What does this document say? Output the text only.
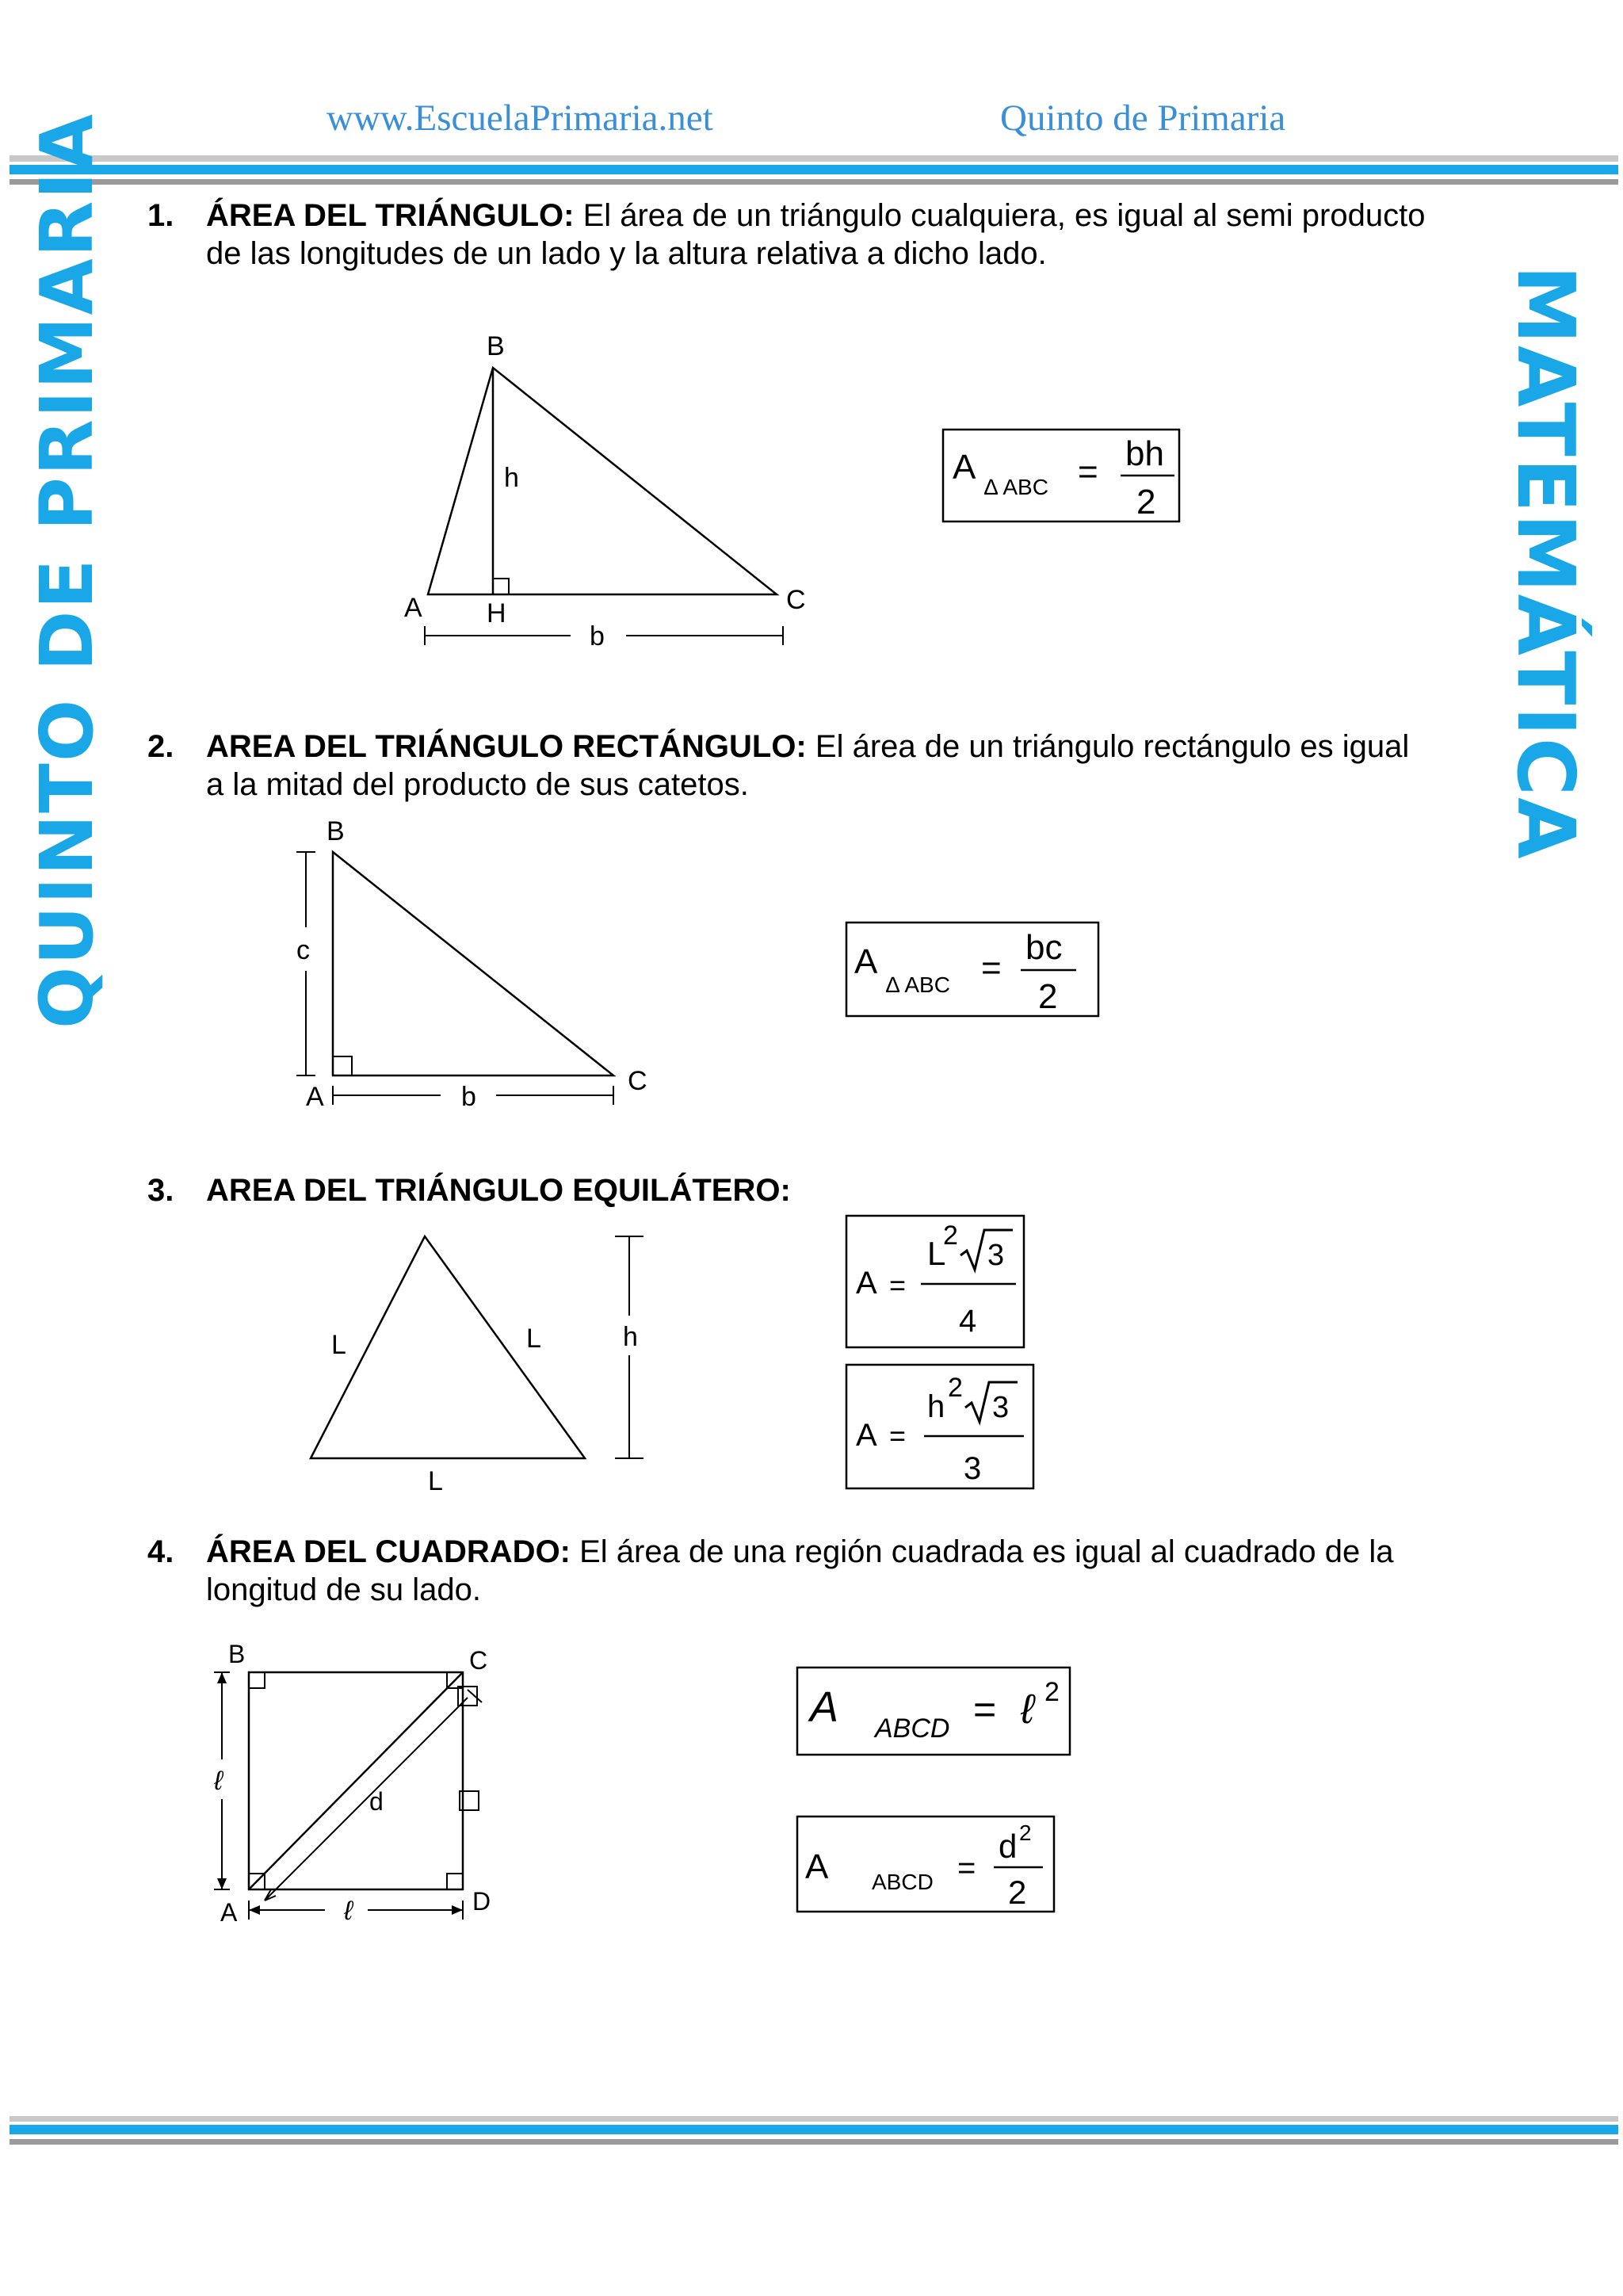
www.EscuelaPrimaria.net	Quinto de Primaria
QUINTO DE PRIMARIA	MATEMÁTICA
1. ÁREA DEL TRIÁNGULO: El área de un triángulo cualquiera, es igual al semi producto
de las longitudes de un lado y la altura relativa a dicho lado.
B
h
A H	C
b
A
∆ ABC = bh
2
2. AREA DEL TRIÁNGULO RECTÁNGULO: El área de un triángulo rectángulo es igual
a la mitad del producto de sus catetos.
B
c
A	b
C
A
∆ ABC =
bc
2
3. AREA DEL TRIÁNGULO EQUILÁTERO:
L	L
L
h
A =
L
2
3
4
A =
h
2
3
3
4. ÁREA DEL CUADRADO: El área de una región cuadrada es igual al cuadrado de la
longitud de su lado.
B	C
A	D
ℓ
ℓ
d
A ABCD = ℓ 2
A ABCD =
d 2
2
